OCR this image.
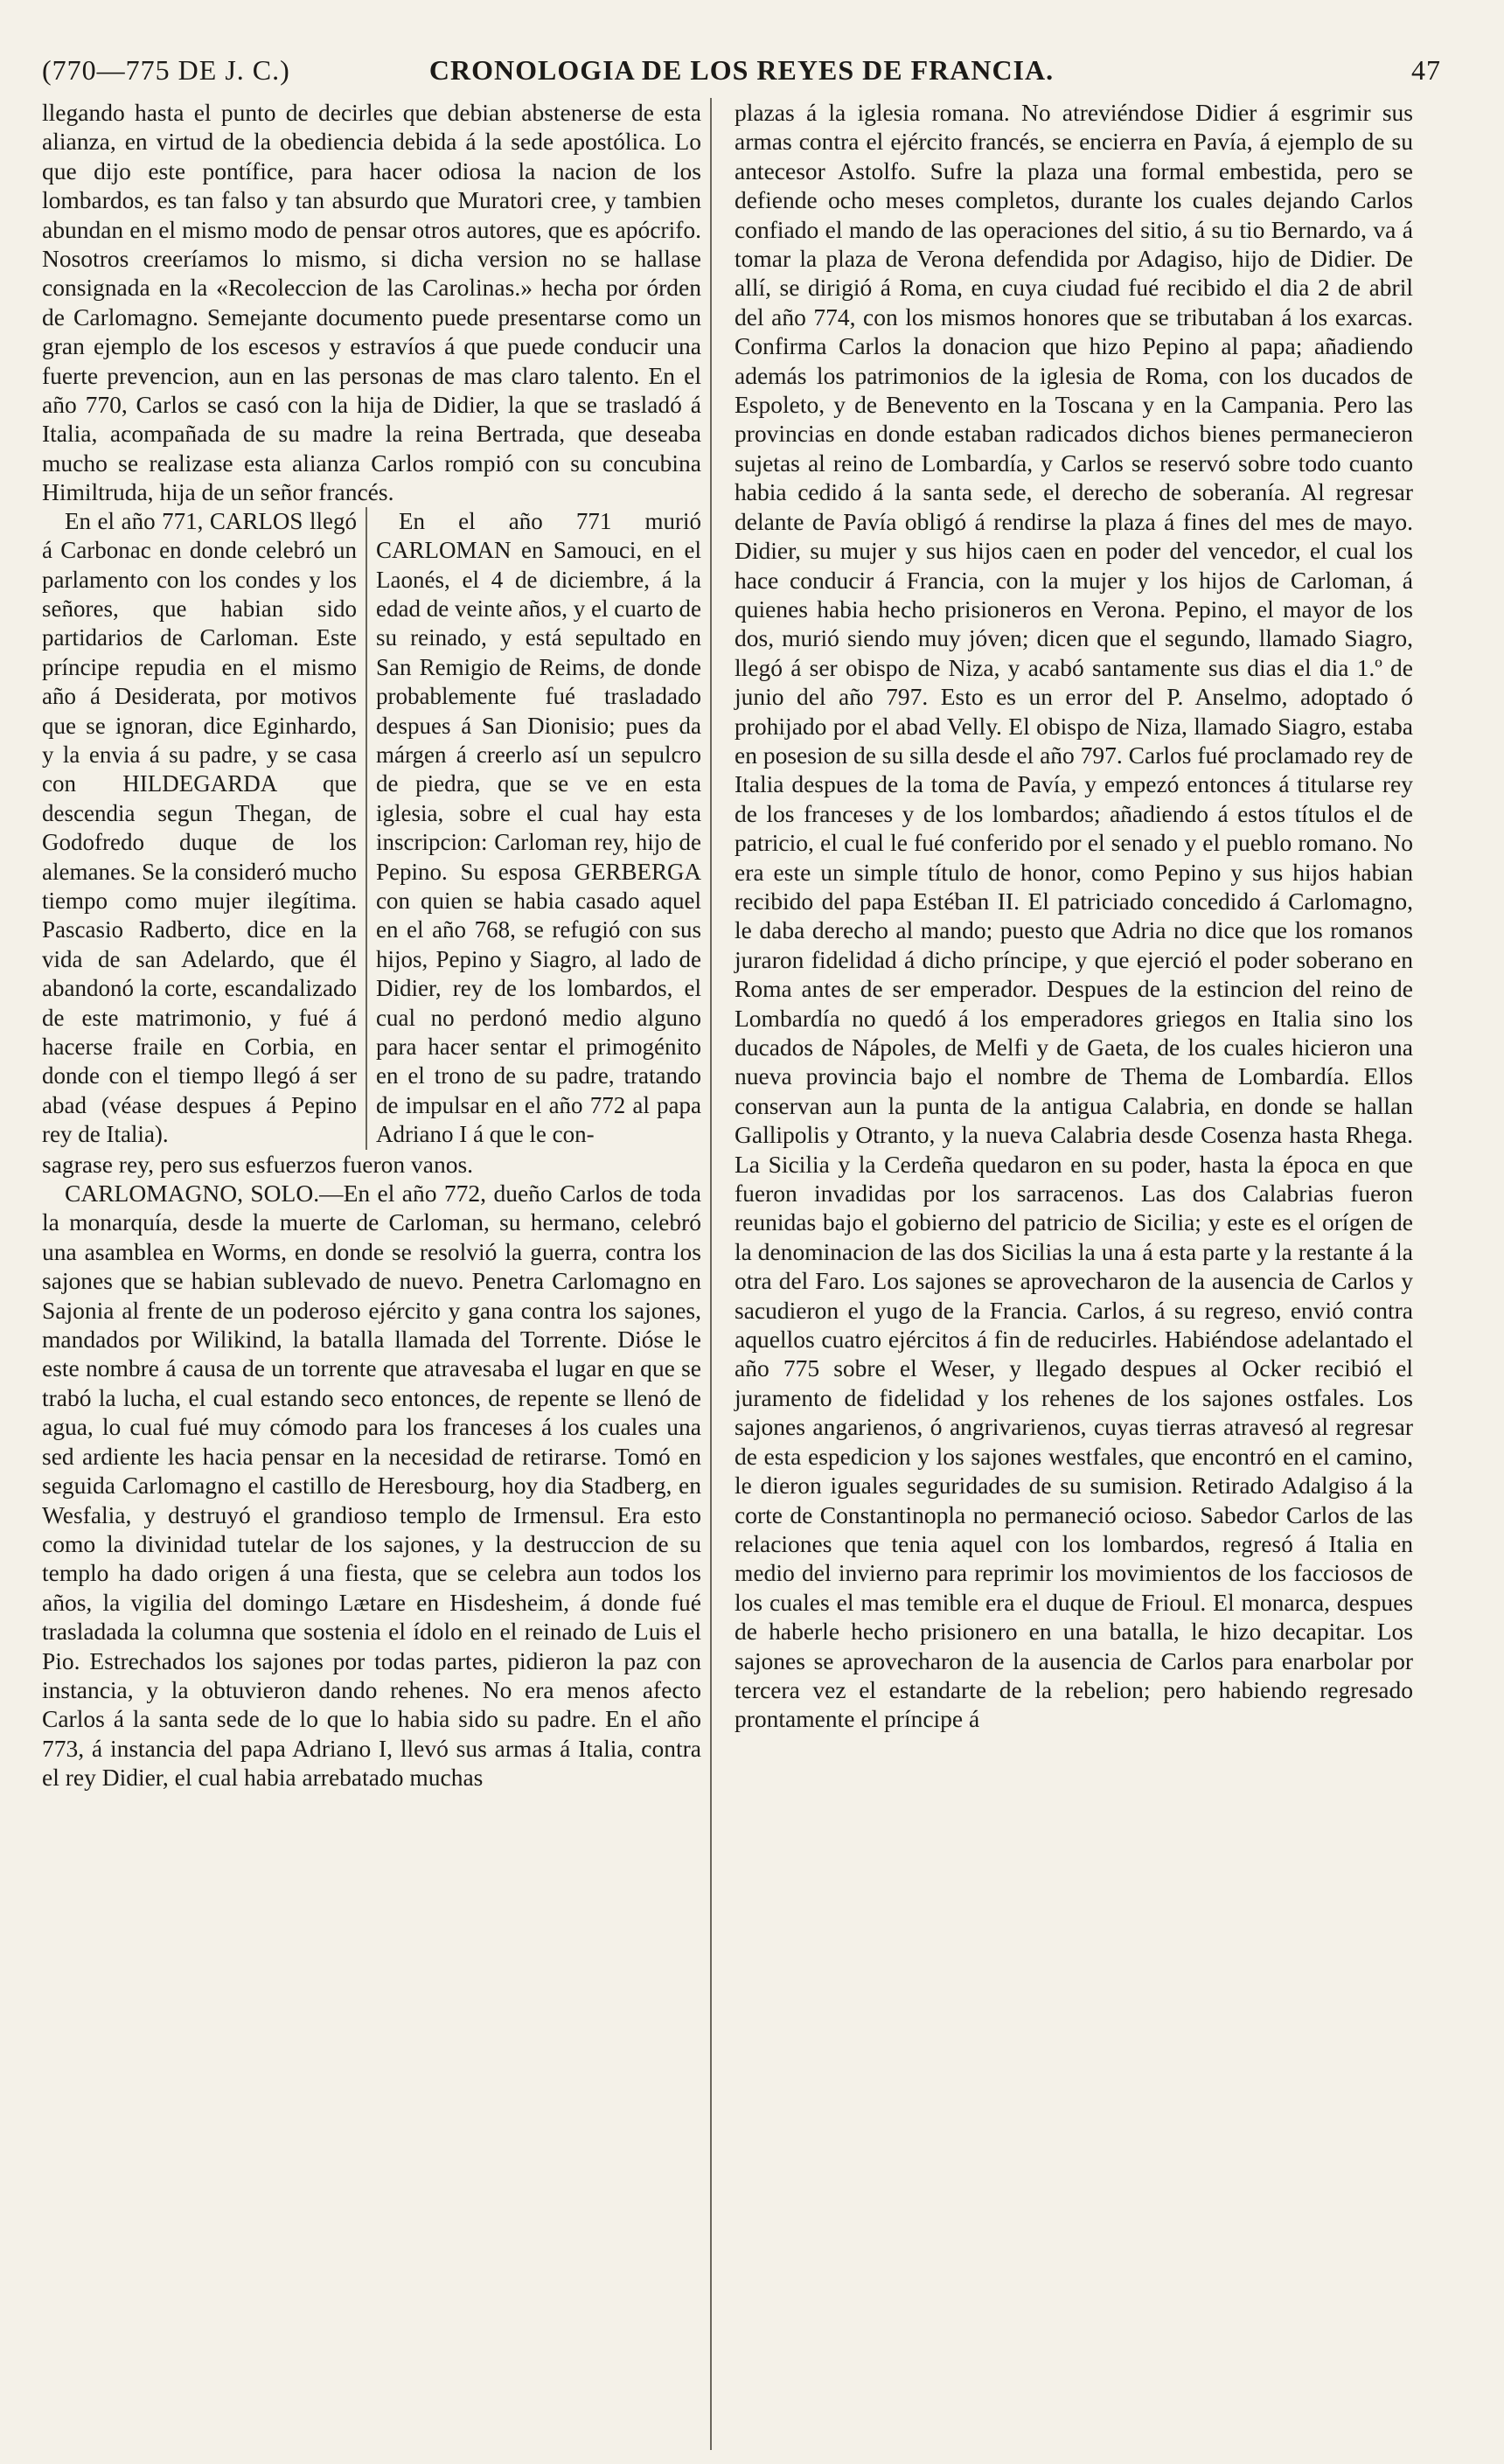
(770—775 DE J. C.)	CRONOLOGIA DE LOS REYES DE FRANCIA.	47

llegando hasta el punto de decirles que debian abstenerse de esta alianza, en virtud de la obediencia debida á la sede apostólica. Lo que dijo este pontífice, para hacer odiosa la nacion de los lombardos, es tan falso y tan absurdo que Muratori cree, y tambien abundan en el mismo modo de pensar otros autores, que es apócrifo. Nosotros creeríamos lo mismo, si dicha version no se hallase consignada en la «Recoleccion de las Carolinas.» hecha por órden de Carlomagno. Semejante documento puede presentarse como un gran ejemplo de los escesos y estravíos á que puede conducir una fuerte prevencion, aun en las personas de mas claro talento. En el año 770, Carlos se casó con la hija de Didier, la que se trasladó á Italia, acompañada de su madre la reina Bertrada, que deseaba mucho se realizase esta alianza Carlos rompió con su concubina Himiltruda, hija de un señor francés.

En el año 771, CARLOS llegó á Carbonac en donde celebró un parlamento con los condes y los señores, que habian sido partidarios de Carloman. Este príncipe repudia en el mismo año á Desiderata, por motivos que se ignoran, dice Eginhardo, y la envia á su padre, y se casa con HILDEGARDA que descendia segun Thegan, de Godofredo duque de los alemanes. Se la consideró mucho tiempo como mujer ilegítima. Pascasio Radberto, dice en la vida de san Adelardo, que él abandonó la corte, escandalizado de este matrimonio, y fué á hacerse fraile en Corbia, en donde con el tiempo llegó á ser abad (véase despues á Pepino rey de Italia).

En el año 771 murió CARLOMAN en Samouci, en el Laonés, el 4 de diciembre, á la edad de veinte años, y el cuarto de su reinado, y está sepultado en San Remigio de Reims, de donde probablemente fué trasladado despues á San Dionisio; pues da márgen á creerlo así un sepulcro de piedra, que se ve en esta iglesia, sobre el cual hay esta inscripcion: Carloman rey, hijo de Pepino. Su esposa GERBERGA con quien se habia casado aquel en el año 768, se refugió con sus hijos, Pepino y Siagro, al lado de Didier, rey de los lombardos, el cual no perdonó medio alguno para hacer sentar el primogénito en el trono de su padre, tratando de impulsar en el año 772 al papa Adriano I á que le con-

sagrase rey, pero sus esfuerzos fueron vanos.

CARLOMAGNO, SOLO.—En el año 772, dueño Carlos de toda la monarquía, desde la muerte de Carloman, su hermano, celebró una asamblea en Worms, en donde se resolvió la guerra, contra los sajones que se habian sublevado de nuevo. Penetra Carlomagno en Sajonia al frente de un poderoso ejército y gana contra los sajones, mandados por Wilikind, la batalla llamada del Torrente. Dióse le este nombre á causa de un torrente que atravesaba el lugar en que se trabó la lucha, el cual estando seco entonces, de repente se llenó de agua, lo cual fué muy cómodo para los franceses á los cuales una sed ardiente les hacia pensar en la necesidad de retirarse. Tomó en seguida Carlomagno el castillo de Heresbourg, hoy dia Stadberg, en Wesfalia, y destruyó el grandioso templo de Irmensul. Era esto como la divinidad tutelar de los sajones, y la destruccion de su templo ha dado origen á una fiesta, que se celebra aun todos los años, la vigilia del domingo Lætare en Hisdesheim, á donde fué trasladada la columna que sostenia el ídolo en el reinado de Luis el Pio. Estrechados los sajones por todas partes, pidieron la paz con instancia, y la obtuvieron dando rehenes. No era menos afecto Carlos á la santa sede de lo que lo habia sido su padre. En el año 773, á instancia del papa Adriano I, llevó sus armas á Italia, contra el rey Didier, el cual habia arrebatado muchas

plazas á la iglesia romana. No atreviéndose Didier á esgrimir sus armas contra el ejército francés, se encierra en Pavía, á ejemplo de su antecesor Astolfo. Sufre la plaza una formal embestida, pero se defiende ocho meses completos, durante los cuales dejando Carlos confiado el mando de las operaciones del sitio, á su tio Bernardo, va á tomar la plaza de Verona defendida por Adagiso, hijo de Didier. De allí, se dirigió á Roma, en cuya ciudad fué recibido el dia 2 de abril del año 774, con los mismos honores que se tributaban á los exarcas. Confirma Carlos la donacion que hizo Pepino al papa; añadiendo además los patrimonios de la iglesia de Roma, con los ducados de Espoleto, y de Benevento en la Toscana y en la Campania. Pero las provincias en donde estaban radicados dichos bienes permanecieron sujetas al reino de Lombardía, y Carlos se reservó sobre todo cuanto habia cedido á la santa sede, el derecho de soberanía. Al regresar delante de Pavía obligó á rendirse la plaza á fines del mes de mayo. Didier, su mujer y sus hijos caen en poder del vencedor, el cual los hace conducir á Francia, con la mujer y los hijos de Carloman, á quienes habia hecho prisioneros en Verona. Pepino, el mayor de los dos, murió siendo muy jóven; dicen que el segundo, llamado Siagro, llegó á ser obispo de Niza, y acabó santamente sus dias el dia 1.º de junio del año 797. Esto es un error del P. Anselmo, adoptado ó prohijado por el abad Velly. El obispo de Niza, llamado Siagro, estaba en posesion de su silla desde el año 797. Carlos fué proclamado rey de Italia despues de la toma de Pavía, y empezó entonces á titularse rey de los franceses y de los lombardos; añadiendo á estos títulos el de patricio, el cual le fué conferido por el senado y el pueblo romano. No era este un simple título de honor, como Pepino y sus hijos habian recibido del papa Estéban II. El patriciado concedido á Carlomagno, le daba derecho al mando; puesto que Adria no dice que los romanos juraron fidelidad á dicho príncipe, y que ejerció el poder soberano en Roma antes de ser emperador. Despues de la estincion del reino de Lombardía no quedó á los emperadores griegos en Italia sino los ducados de Nápoles, de Melfi y de Gaeta, de los cuales hicieron una nueva provincia bajo el nombre de Thema de Lombardía. Ellos conservan aun la punta de la antigua Calabria, en donde se hallan Gallipolis y Otranto, y la nueva Calabria desde Cosenza hasta Rhega. La Sicilia y la Cerdeña quedaron en su poder, hasta la época en que fueron invadidas por los sarracenos. Las dos Calabrias fueron reunidas bajo el gobierno del patricio de Sicilia; y este es el orígen de la denominacion de las dos Sicilias la una á esta parte y la restante á la otra del Faro. Los sajones se aprovecharon de la ausencia de Carlos y sacudieron el yugo de la Francia. Carlos, á su regreso, envió contra aquellos cuatro ejércitos á fin de reducirles. Habiéndose adelantado el año 775 sobre el Weser, y llegado despues al Ocker recibió el juramento de fidelidad y los rehenes de los sajones ostfales. Los sajones angarienos, ó angrivarienos, cuyas tierras atravesó al regresar de esta espedicion y los sajones westfales, que encontró en el camino, le dieron iguales seguridades de su sumision. Retirado Adalgiso á la corte de Constantinopla no permaneció ocioso. Sabedor Carlos de las relaciones que tenia aquel con los lombardos, regresó á Italia en medio del invierno para reprimir los movimientos de los facciosos de los cuales el mas temible era el duque de Frioul. El monarca, despues de haberle hecho prisionero en una batalla, le hizo decapitar. Los sajones se aprovecharon de la ausencia de Carlos para enarbolar por tercera vez el estandarte de la rebelion; pero habiendo regresado prontamente el príncipe á
